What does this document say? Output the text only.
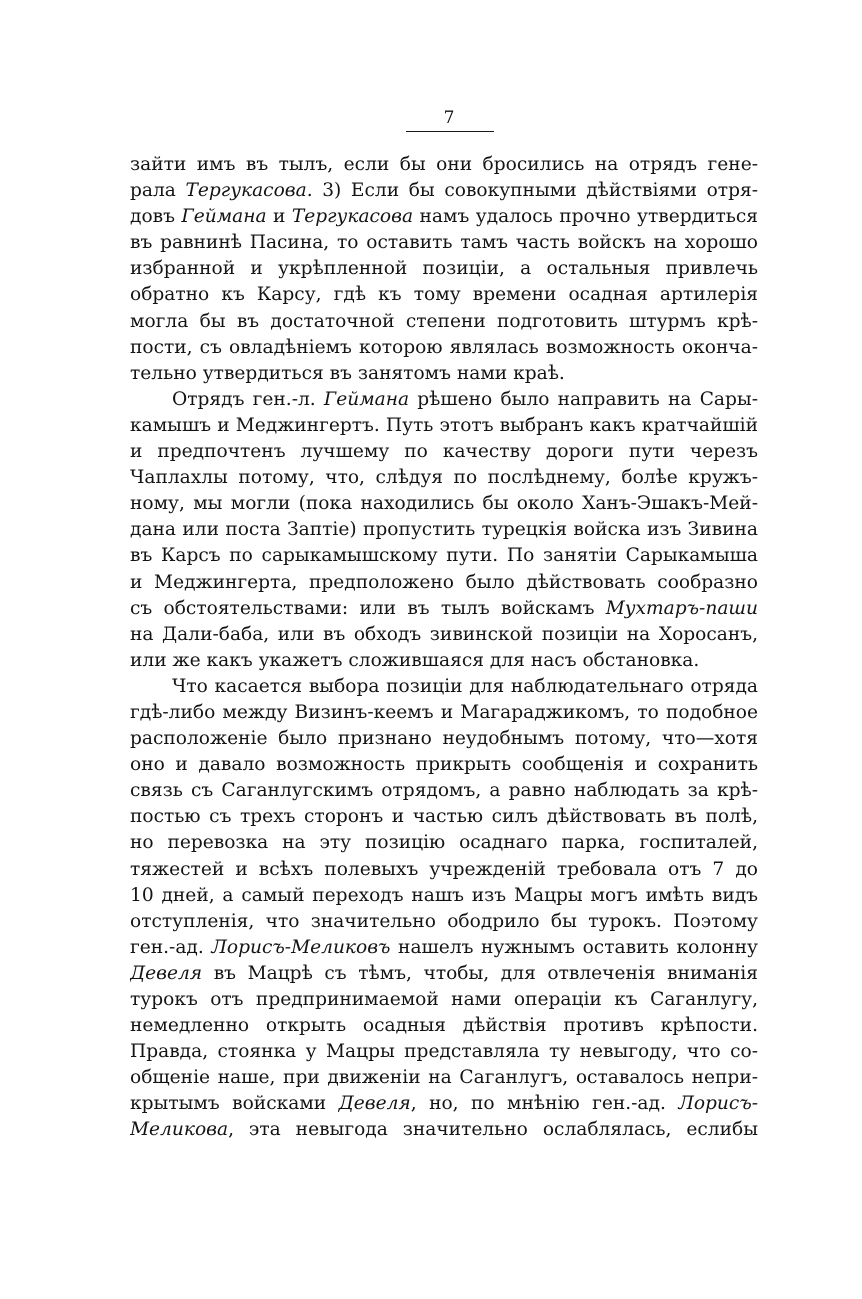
7
зайти имъ въ тылъ, если бы они бросились на отрядъ гене-
рала Тергукасова. 3) Если бы совокупными дѣйствіями отря-
довъ Геймана и Тергукасова намъ удалось прочно утвердиться
въ равнинѣ Пасина, то оставить тамъ часть войскъ на хорошо
избранной и укрѣпленной позиціи, а остальныя привлечь
обратно къ Карсу, гдѣ къ тому времени осадная артилерія
могла бы въ достаточной степени подготовить штурмъ крѣ-
пости, съ овладѣніемъ которою являлась возможность оконча-
тельно утвердиться въ занятомъ нами краѣ.
Отрядъ ген.-л. Геймана рѣшено было направить на Сары-
камышъ и Меджингертъ. Путь этотъ выбранъ какъ кратчайшій
и предпочтенъ лучшему по качеству дороги пути черезъ
Чаплахлы потому, что, слѣдуя по послѣднему, болѣе кружъ-
ному, мы могли (пока находились бы около Ханъ-Эшакъ-Мей-
дана или поста Заптіе) пропустить турецкія войска изъ Зивина
въ Карсъ по сарыкамышскому пути. По занятіи Сарыкамыша
и Меджингерта, предположено было дѣйствовать сообразно
съ обстоятельствами: или въ тылъ войскамъ Мухтаръ-паши
на Дали-баба, или въ обходъ зивинской позиціи на Хоросанъ,
или же какъ укажетъ сложившаяся для насъ обстановка.
Что касается выбора позиціи для наблюдательнаго отряда
гдѣ-либо между Визинъ-кеемъ и Магараджикомъ, то подобное
расположеніе было признано неудобнымъ потому, что—хотя
оно и давало возможность прикрыть сообщенія и сохранить
связь съ Саганлугскимъ отрядомъ, а равно наблюдать за крѣ-
постью съ трехъ сторонъ и частью силъ дѣйствовать въ полѣ,
но перевозка на эту позицію осаднаго парка, госпиталей,
тяжестей и всѣхъ полевыхъ учрежденій требовала отъ 7 до
10 дней, а самый переходъ нашъ изъ Мацры могъ имѣть видъ
отступленія, что значительно ободрило бы турокъ. Поэтому
ген.-ад. Лорисъ-Меликовъ нашелъ нужнымъ оставить колонну
Девеля въ Мацрѣ съ тѣмъ, чтобы, для отвлеченія вниманія
турокъ отъ предпринимаемой нами операціи къ Саганлугу,
немедленно открыть осадныя дѣйствія противъ крѣпости.
Правда, стоянка у Мацры представляла ту невыгоду, что со-
общеніе наше, при движеніи на Саганлугъ, оставалось непри-
крытымъ войсками Девеля, но, по мнѣнію ген.-ад. Лорисъ-
Меликова, эта невыгода значительно ослаблялась, еслибы
